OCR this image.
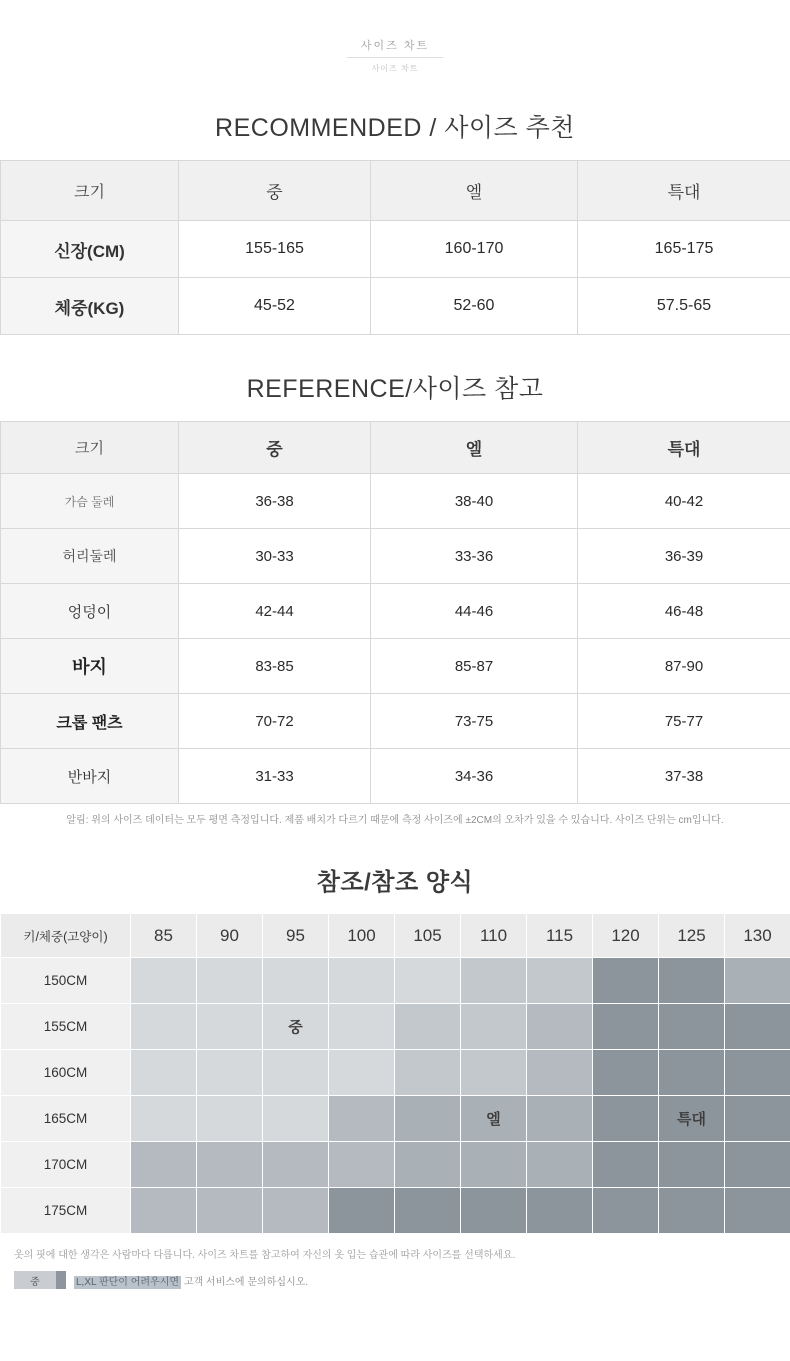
사이즈 차트
사이즈 차트
RECOMMENDED / 사이즈 추천
크기	중	엘	특대
신장(CM)	155-165	160-170	165-175
체중(KG)	45-52	52-60	57.5-65
REFERENCE/사이즈 참고
크기	중	엘	특대
가슴 둘레	36-38	38-40	40-42
허리둘레	30-33	33-36	36-39
엉덩이	42-44	44-46	46-48
바지	83-85	85-87	87-90
크롭 팬츠	70-72	73-75	75-77
반바지	31-33	34-36	37-38

알림: 위의 사이즈 데이터는 모두 평면 측정입니다. 제품 배치가 다르기 때문에 측정 사이즈에 ±2CM의 오차가 있을 수 있습니다. 사이즈 단위는 cm입니다.

참조/참조 양식
키/체중(고양이)	85	90	95	100	105	110	115	120	125	130
150CM										
155CM			중							
160CM										
165CM						엘			특대	
170CM										
175CM										

옷의 핏에 대한 생각은 사람마다 다릅니다. 사이즈 차트를 참고하여 자신의 옷 입는 습관에 따라 사이즈를 선택하세요.

중	L,XL 판단이 어려우시면 고객 서비스에 문의하십시오.
